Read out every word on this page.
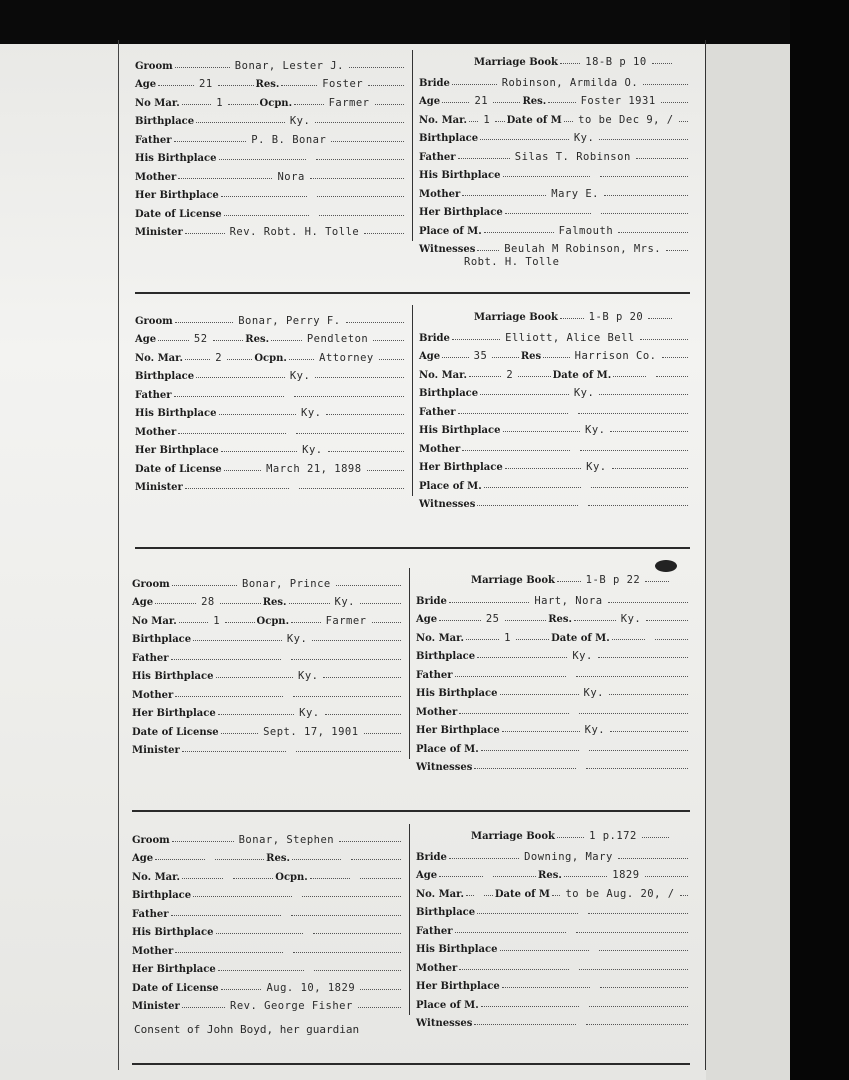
Groom	Bonar, Lester J.
Age	21	Res.	Foster
No Mar.	1	Ocpn.	Farmer
Birthplace	Ky.
Father	P. B. Bonar
His Birthplace
Mother	Nora
Her Birthplace
Date of License
Minister	Rev. Robt. H. Tolle
Marriage Book	18-B p 10
Bride	Robinson, Armilda O.
Age	21	Res.	Foster 1931
No. Mar. 1	Date of M to be Dec 9, /
Birthplace	Ky.
Father	Silas T. Robinson
His Birthplace
Mother	Mary E.
Her Birthplace
Place of M.	Falmouth
Witnesses	Beulah M Robinson, Mrs.
Robt. H. Tolle
Groom	Bonar, Perry F.
Age	52	Res.	Pendleton
No. Mar.	2	Ocpn.	Attorney
Birthplace	Ky.
Father
His Birthplace	Ky.
Mother
Her Birthplace	Ky.
Date of License	March 21, 1898
Minister
Marriage Book	1-B p 20
Bride	Elliott, Alice Bell
Age	35	Res	Harrison Co.
No. Mar.	2	Date of M.
Birthplace	Ky.
Father
His Birthplace	Ky.
Mother
Her Birthplace	Ky.
Place of M.
Witnesses
Groom	Bonar, Prince
Age	28	Res.	Ky.
No Mar.	1	Ocpn.	Farmer
Birthplace	Ky.
Father
His Birthplace	Ky.
Mother
Her Birthplace	Ky.
Date of License	Sept. 17, 1901
Minister
Marriage Book	1-B p 22
Bride	Hart, Nora
Age	25	Res.	Ky.
No. Mar.	1	Date of M.
Birthplace	Ky.
Father
His Birthplace	Ky.
Mother
Her Birthplace	Ky.
Place of M.
Witnesses
Groom	Bonar, Stephen
Age	Res.
No. Mar.	Ocpn.
Birthplace
Father
His Birthplace
Mother
Her Birthplace
Date of License	Aug. 10, 1829
Minister	Rev. George Fisher
Marriage Book	1 p.172
Bride	Downing, Mary
Age	Res.	1829
No. Mar.	Date of M to be Aug. 20, /
Birthplace
Father
His Birthplace
Mother
Her Birthplace
Place of M.
Witnesses
Consent of John Boyd, her guardian
